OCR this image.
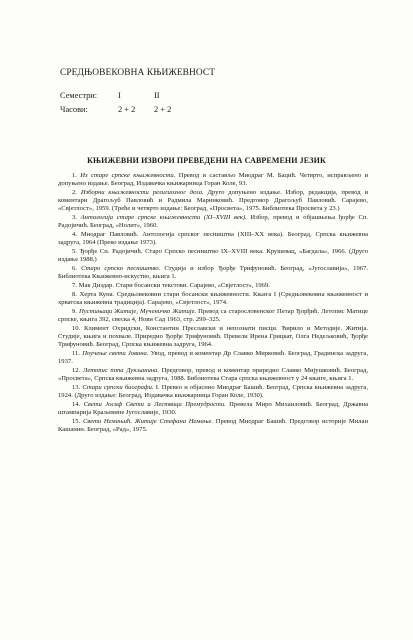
СРЕДЊОВЕКОВНА КЊИЖЕВНОСТ
Семестри: I	II
Часови:	2 + 2 2 + 2
КЊИЖЕВНИ ИЗВОРИ ПРЕВЕДЕНИ НА САВРЕМЕНИ ЈЕЗИК
1. Из старе српске књижевности. Превод и састављо Миодраг М. Бацић. Четврто, исправљено и допуњено издање. Београд, Издавачка књижарница Горан Коле, 93.
2. Изборни књижевности религиозног дела. Друго допуњено издање. Избор, редакција, превод и коментари Драгољуб Павловић и Радмила Маринковић. Предговор Драгољуб Павловић. Сарајево, «Свјетлост», 1959. (Треће и четврто издање: Београд, «Просвета», 1975. Библиотека Просвета у 23.)
3. Антологија старе српске књижевности (XI–XVIII век). Избор, превод и објашњења ђорђе Сп. Радојичић. Београд, «Нолит», 1960.
4. Миодраг Павловић. Антологија српског песништва (XIII–XX века). Београд, Српска књижевна задруга, 1964 (Преко издање 1973).
5. Ђорђе Сп. Радојичић. Старо Српско песништво IX–XVIII века. Крушевац, «Багдала», 1966. (Друго издање 1988.)
6. Старо српско песништво. Студија и избор Ђорђе Трифуновић. Београд, «Југославија», 1967. Библиотека Књижевно-искуство, књига 1.
7. Мак Диздар. Стари босански текстови. Сарајево, «Свјетлост», 1969.
8. Херта Куна. Средњовековни стари босански књижевности. Књига I (Средњовековна књижевност и хрватска књижевна традиција). Сарајево, «Свјетлост», 1974.
9. Пустињаци Житије, Мученичко Житије. Превод са старословенског Петар Ђорђић. Летопис Матице српске, књига 392, свеска 4, Нови Сад 1963, стр. 299–325.
10. Климент Охридски, Константин Преславски и непознати писци. Ћирило и Методије. Житија. Студије, књига и похвале. Приредио Ђорђе Трифуновић. Превели Ирена Грицкат, Олга Недељковић, Ђорђе Трифуновић. Београд, Српска књижевна задруга, 1964.
11. Поучење свети Јована. Увод, превод и коментар Др Славко Мирковић. Београд, Градинска задруга, 1937.
12. Летопис попа Дукљанина. Предговор, превод и коментар приредио Славко Мијушковић. Београд, «Просвета», Српска књижевна задруга, 1988. Библиотека Стара српска књижевност у 24 књиге, књига 1.
13. Стари српски биографи. I. Превео и објаснио Миодраг Башић. Београд, Српска књижевна задруга, 1924. (Друго издање: Београд, Издавачка књижарница Горан Коле, 1930).
14. Свети Јосиф Свети и Лествица Премудрости. Превела Миро Михаиловић. Београд, Државна штампарија Краљевине Југославије, 1930.
15. Свети Немањић. Житије Стефана Немање. Превод Миодраг Башић. Предговор историје Милан Кашанин. Београд, «Рад», 1975.
